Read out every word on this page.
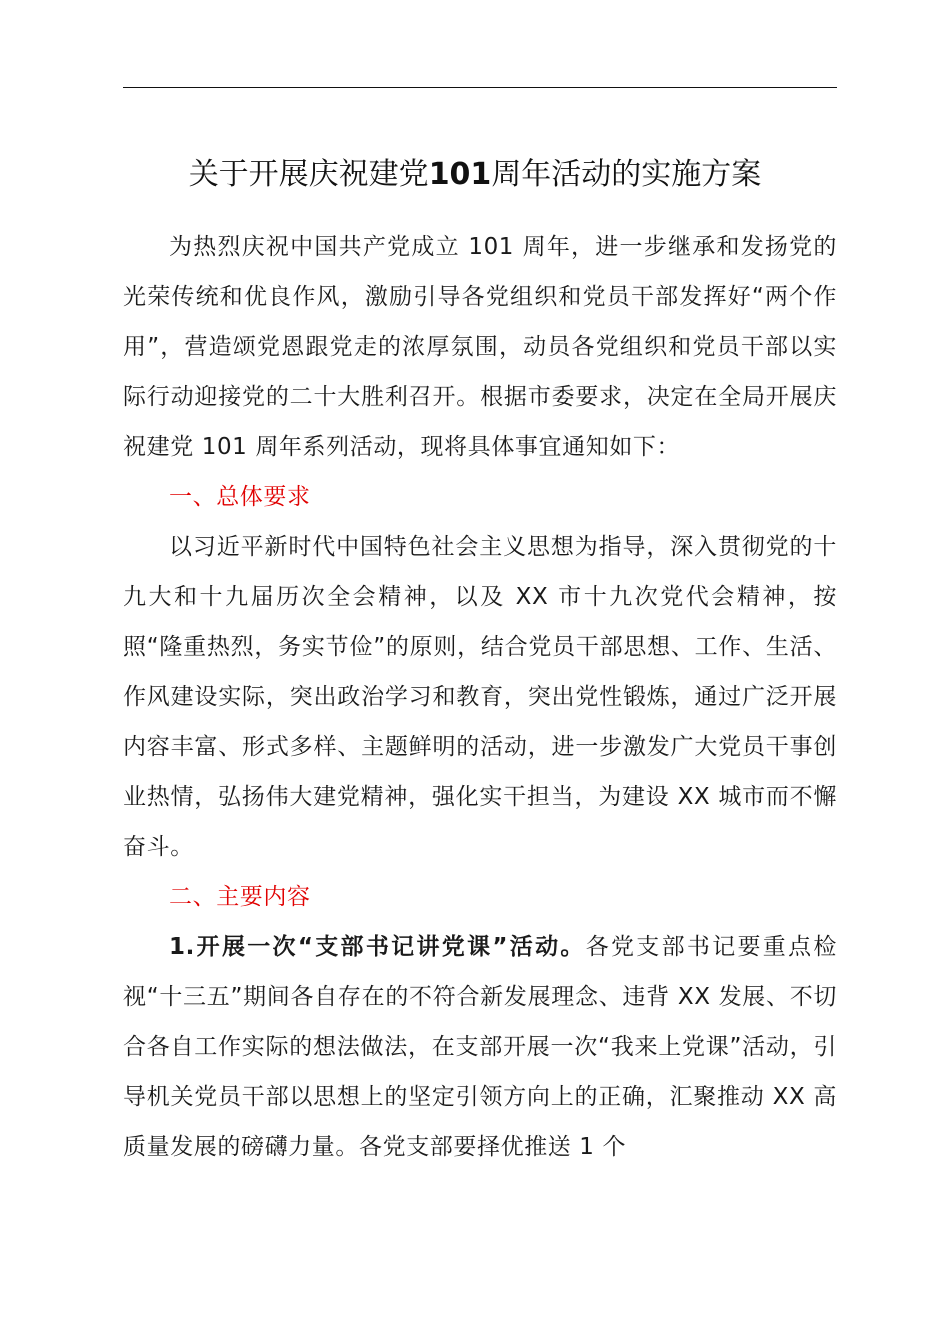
关于开展庆祝建党101周年活动的实施方案

为热烈庆祝中国共产党成立 101 周年，进一步继承和发扬党的光荣传统和优良作风，激励引导各党组织和党员干部发挥好“两个作用”，营造颂党恩跟党走的浓厚氛围，动员各党组织和党员干部以实际行动迎接党的二十大胜利召开。根据市委要求，决定在全局开展庆祝建党 101 周年系列活动，现将具体事宜通知如下：

一、总体要求

以习近平新时代中国特色社会主义思想为指导，深入贯彻党的十九大和十九届历次全会精神，以及 XX 市十九次党代会精神，按照“隆重热烈，务实节俭”的原则，结合党员干部思想、工作、生活、作风建设实际，突出政治学习和教育，突出党性锻炼，通过广泛开展内容丰富、形式多样、主题鲜明的活动，进一步激发广大党员干事创业热情，弘扬伟大建党精神，强化实干担当，为建设 XX 城市而不懈奋斗。

二、主要内容

1.开展一次“支部书记讲党课”活动。各党支部书记要重点检视“十三五”期间各自存在的不符合新发展理念、违背 XX 发展、不切合各自工作实际的想法做法，在支部开展一次“我来上党课”活动，引导机关党员干部以思想上的坚定引领方向上的正确，汇聚推动 XX 高质量发展的磅礴力量。各党支部要择优推送 1 个
